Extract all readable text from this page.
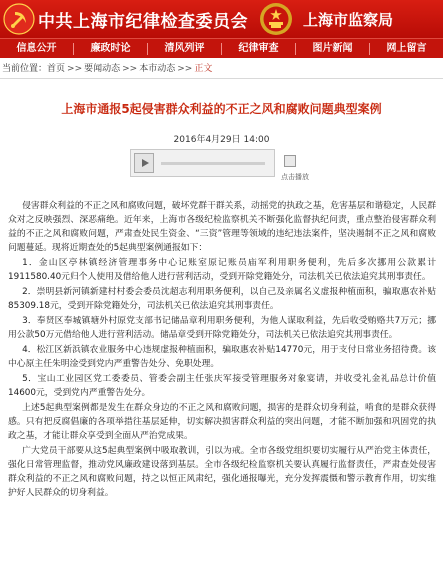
中共上海市纪律检查委员会	上海市监察局
信息公开	廉政时论	清风列评	纪律审查	图片新闻	网上留言
当前位置：首页 >> 要闻动态 >> 本市动态 >> 正文
上海市通报5起侵害群众利益的不正之风和腐败问题典型案例
2016年4月29日 14:00
点击播放

侵害群众利益的不正之风和腐败问题，破坏党群干群关系，动摇党的执政之基，危害基层和谐稳定，人民群众对之反映强烈、深恶痛绝。近年来，上海市各级纪检监察机关不断强化监督执纪问责，重点整治侵害群众利益的不正之风和腐败问题，严肃查处民生资金、“三资”管理等领域的违纪违法案件，坚决遏制不正之风和腐败问题蔓延。现将近期查处的5起典型案例通报如下：

1．金山区亭林镇经济管理事务中心记账室原记账员庙军利用职务便利，先后多次挪用公款累计1911580.40元归个人使用及借给他人进行营利活动，受到开除党籍处分，司法机关已依法追究其刑事责任。

2．崇明县新河镇新建村村委会委员沈超志利用职务便利，以自己及亲属名义虚报种植面积，骗取惠农补贴85309.18元，受到开除党籍处分，司法机关已依法追究其刑事责任。

3．奉贤区奉城镇塘外村原党支部书记储品章利用职务便利，为他人谋取利益，先后收受贿赂共7万元；挪用公款50万元借给他人进行营利活动。储品章受到开除党籍处分，司法机关已依法追究其刑事责任。

4．松江区新浜镇农业服务中心违规虚报种植面积，骗取惠农补贴14770元，用于支付日常业务招待费。该中心原主任朱明淦受到党内严重警告处分、免职处理。

5．宝山工业园区党工委委员、管委会副主任张庆军接受管理服务对象宴请，并收受礼金礼品总计价值14600元，受到党内严重警告处分。

上述5起典型案例都是发生在群众身边的不正之风和腐败问题，损害的是群众切身利益，啃食的是群众获得感。只有把反腐倡廉的各项举措往基层延伸，切实解决损害群众利益的突出问题，才能不断加强和巩固党的执政之基，才能让群众享受到全面从严治党成果。

广大党员干部要从这5起典型案例中吸取教训，引以为戒。全市各级党组织要切实履行从严治党主体责任，强化日常管理监督，推动党风廉政建设落到基层。全市各级纪检监察机关要认真履行监督责任，严肃查处侵害群众利益的不正之风和腐败问题，持之以恒正风肃纪，强化通报曝光，充分发挥震慑和警示教育作用，切实维护好人民群众的切身利益。
